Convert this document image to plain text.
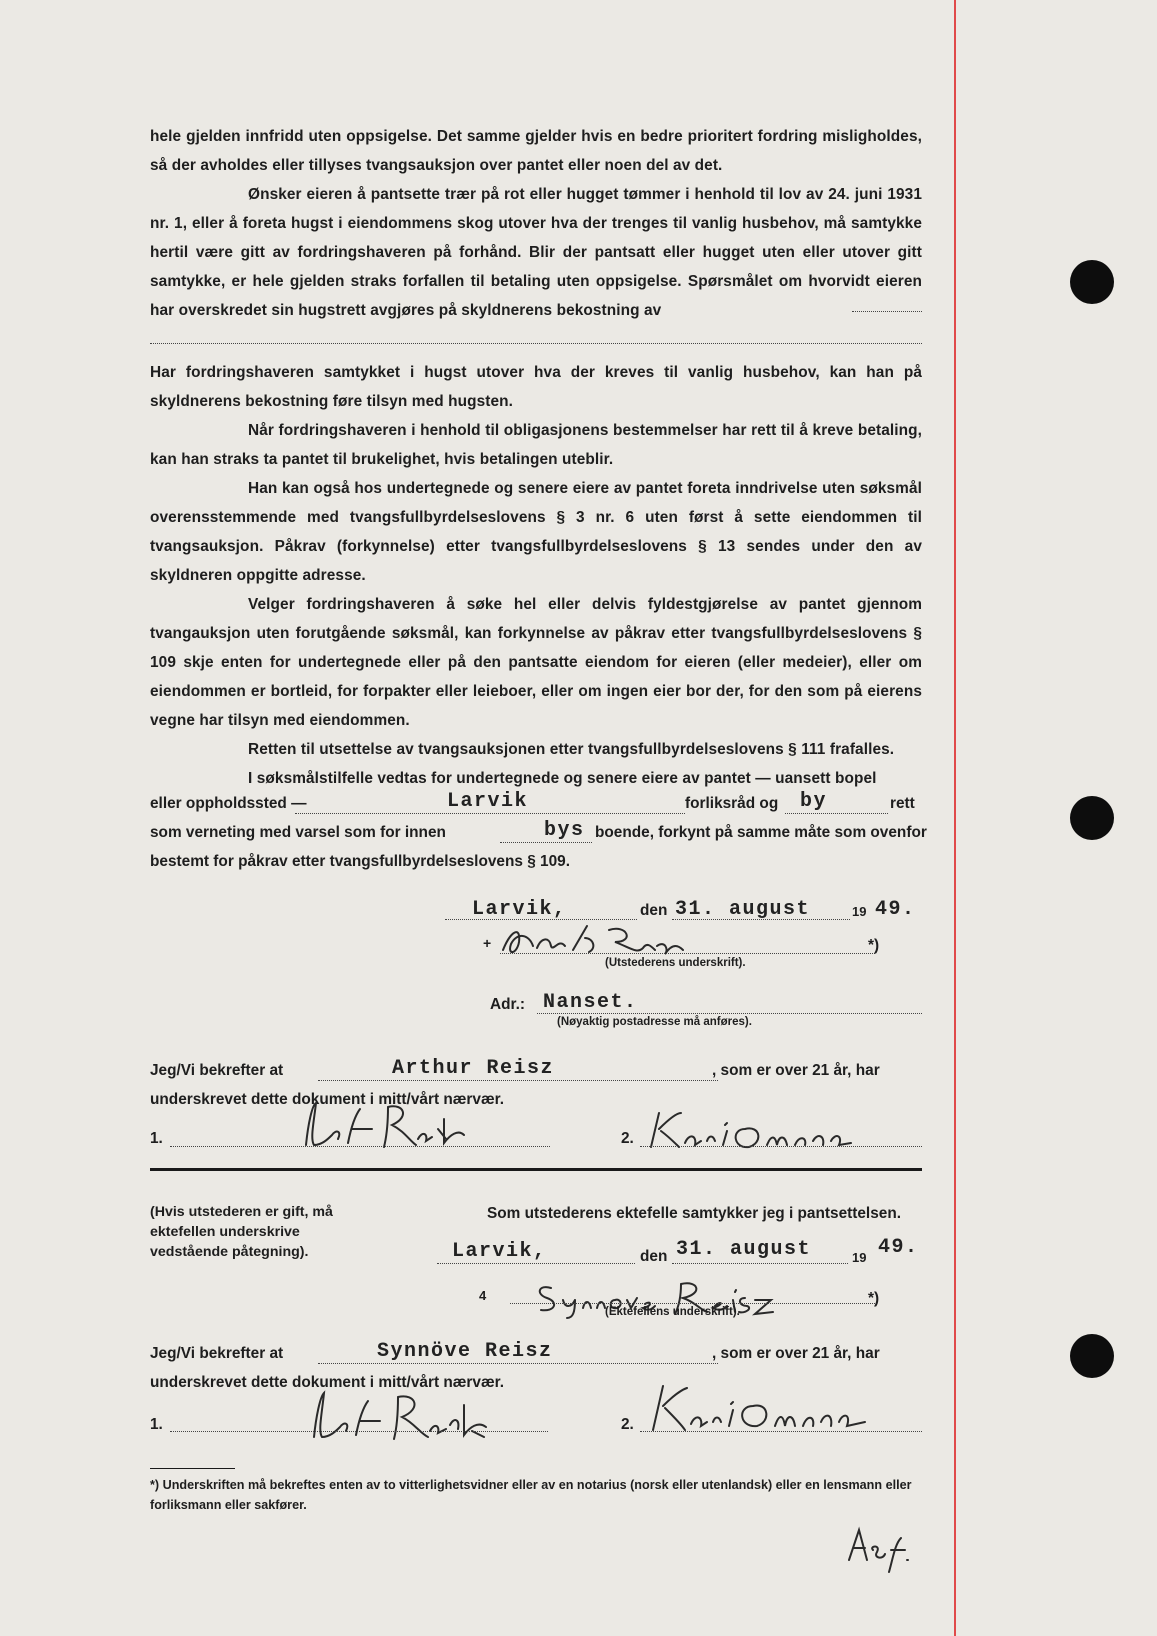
hele gjelden innfridd uten oppsigelse. Det samme gjelder hvis en bedre prioritert fordring misligholdes, så der avholdes eller tillyses tvangsauksjon over pantet eller noen del av det.

Ønsker eieren å pantsette trær på rot eller hugget tømmer i henhold til lov av 24. juni 1931 nr. 1, eller å foreta hugst i eiendommens skog utover hva der trenges til vanlig husbehov, må samtykke hertil være gitt av fordringshaveren på forhånd. Blir der pantsatt eller hugget uten eller utover gitt samtykke, er hele gjelden straks forfallen til betaling uten oppsigelse. Spørsmålet om hvorvidt eieren har overskredet sin hugstrett avgjøres på skyldnerens bekostning av

Har fordringshaveren samtykket i hugst utover hva der kreves til vanlig husbehov, kan han på skyldnerens bekostning føre tilsyn med hugsten.

Når fordringshaveren i henhold til obligasjonens bestemmelser har rett til å kreve betaling, kan han straks ta pantet til brukelighet, hvis betalingen uteblir.

Han kan også hos undertegnede og senere eiere av pantet foreta inndrivelse uten søksmål overensstemmende med tvangsfullbyrdelseslovens § 3 nr. 6 uten først å sette eiendommen til tvangsauksjon. Påkrav (forkynnelse) etter tvangsfullbyrdelseslovens § 13 sendes under den av skyldneren oppgitte adresse.

Velger fordringshaveren å søke hel eller delvis fyldestgjørelse av pantet gjennom tvangauksjon uten forutgående søksmål, kan forkynnelse av påkrav etter tvangsfullbyrdelseslovens § 109 skje enten for undertegnede eller på den pantsatte eiendom for eieren (eller medeier), eller om eiendommen er bortleid, for forpakter eller leieboer, eller om ingen eier bor der, for den som på eierens vegne har tilsyn med eiendommen.

Retten til utsettelse av tvangsauksjonen etter tvangsfullbyrdelseslovens § 111 frafalles.

I søksmålstilfelle vedtas for undertegnede og senere eiere av pantet — uansett bopel

eller oppholdssted —	Larvik	forliksråd og by	rett
som verneting med varsel som for innen	bys boende, forkynt på samme måte som ovenfor
bestemt for påkrav etter tvangsfullbyrdelseslovens § 109.
Larvik,	den 31. august	19 49.
+	*)
(Utstederens underskrift).
Adr.: Nanset.
(Nøyaktig postadresse må anføres).
Jeg/Vi bekrefter at	Arthur Reisz	, som er over 21 år, har
underskrevet dette dokument i mitt/vårt nærvær.
1.	2.
(Hvis utstederen er gift, må ektefellen underskrive vedstående påtegning).
Som utstederens ektefelle samtykker jeg i pantsettelsen.
Larvik,	den 31. august	19 49.
4	*)
(Ektefellens underskrift).
Jeg/Vi bekrefter at	Synnöve Reisz	, som er over 21 år, har
underskrevet dette dokument i mitt/vårt nærvær.
1.	2.
*) Underskriften må bekreftes enten av to vitterlighetsvidner eller av en notarius (norsk eller utenlandsk) eller en lensmann eller forliksmann eller sakfører.
